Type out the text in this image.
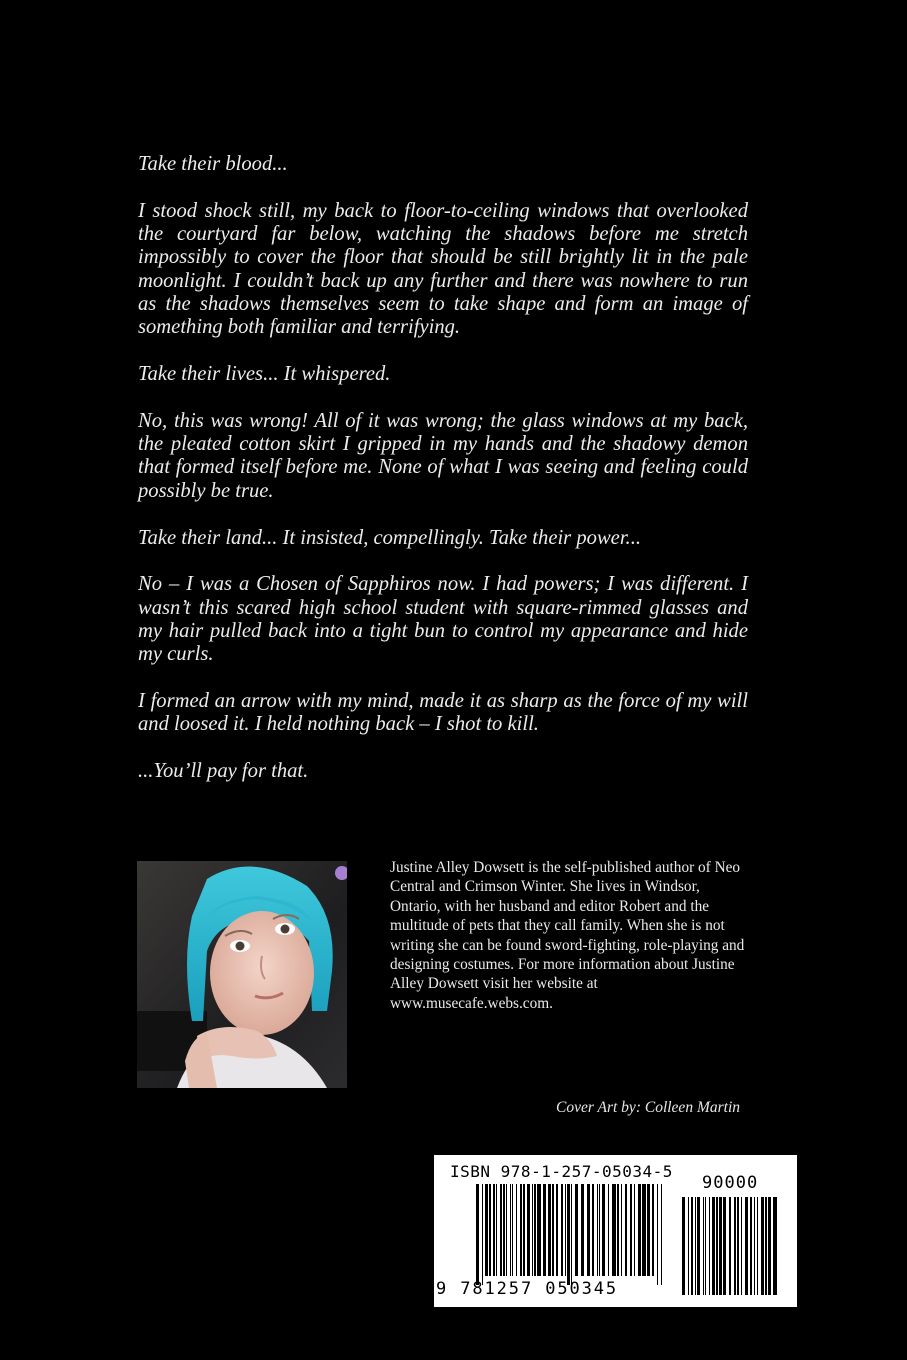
Take their blood...

I stood shock still, my back to floor-to-ceiling windows that overlooked the courtyard far below, watching the shadows before me stretch impossibly to cover the floor that should be still brightly lit in the pale moonlight. I couldn’t back up any further and there was nowhere to run as the shadows themselves seem to take shape and form an image of something both familiar and terrifying.

Take their lives... It whispered.

No, this was wrong! All of it was wrong; the glass windows at my back, the pleated cotton skirt I gripped in my hands and the shadowy demon that formed itself before me. None of what I was seeing and feeling could possibly be true.

Take their land... It insisted, compellingly. Take their power...

No – I was a Chosen of Sapphiros now. I had powers; I was different. I wasn’t this scared high school student with square-rimmed glasses and my hair pulled back into a tight bun to control my appearance and hide my curls.

I formed an arrow with my mind, made it as sharp as the force of my will and loosed it. I held nothing back – I shot to kill.

...You’ll pay for that.

Justine Alley Dowsett is the self-published author of Neo Central and Crimson Winter. She lives in Windsor, Ontario, with her husband and editor Robert and the multitude of pets that they call family. When she is not writing she can be found sword-fighting, role-playing and designing costumes. For more information about Justine Alley Dowsett visit her website at www.musecafe.webs.com.
Cover Art by: Colleen Martin
ISBN 978-1-257-05034-5
90000
9 781257 050345
